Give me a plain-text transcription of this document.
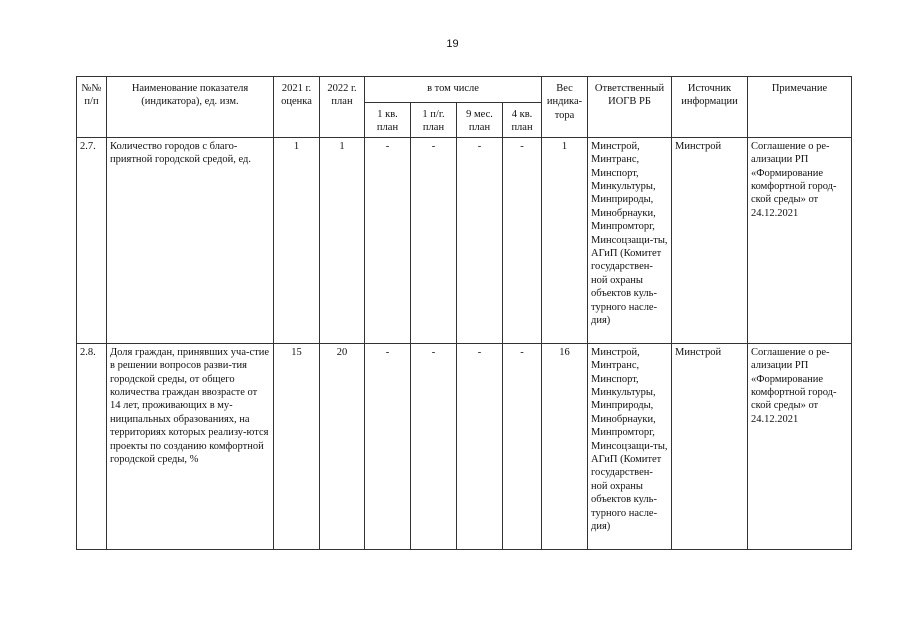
19
№№ п/п	Наименование показателя (индикатора), ед. изм.	2021 г. оценка	2022 г. план	в том числе				Вес индика-тора	Ответственный ИОГВ РБ	Источник информации	Примечание
				1 кв. план	1 п/г. план	9 мес. план	4 кв. план				
2.7.	Количество городов с благо-приятной городской средой, ед.	1	1	-	-	-	-	1	Минстрой, Минтранс, Минспорт, Минкультуры, Минприроды, Минобрнауки, Минпромторг, Минсоцзащи-ты, АГиП (Комитет государствен-ной охраны объектов куль-турного насле-дия)	Минстрой	Соглашение о ре-ализации РП «Формирование комфортной город-ской среды» от 24.12.2021
2.8.	Доля граждан, принявших уча-стие в решении вопросов разви-тия городской среды, от общего количества граждан ввозрасте от 14 лет, проживающих в му-ниципальных образованиях, на территориях которых реализу-ются проекты по созданию комфортной городской среды, %	15	20	-	-	-	-	16	Минстрой, Минтранс, Минспорт, Минкультуры, Минприроды, Минобрнауки, Минпромторг, Минсоцзащи-ты, АГиП (Комитет государствен-ной охраны объектов куль-турного насле-дия)	Минстрой	Соглашение о ре-ализации РП «Формирование комфортной город-ской среды» от 24.12.2021
